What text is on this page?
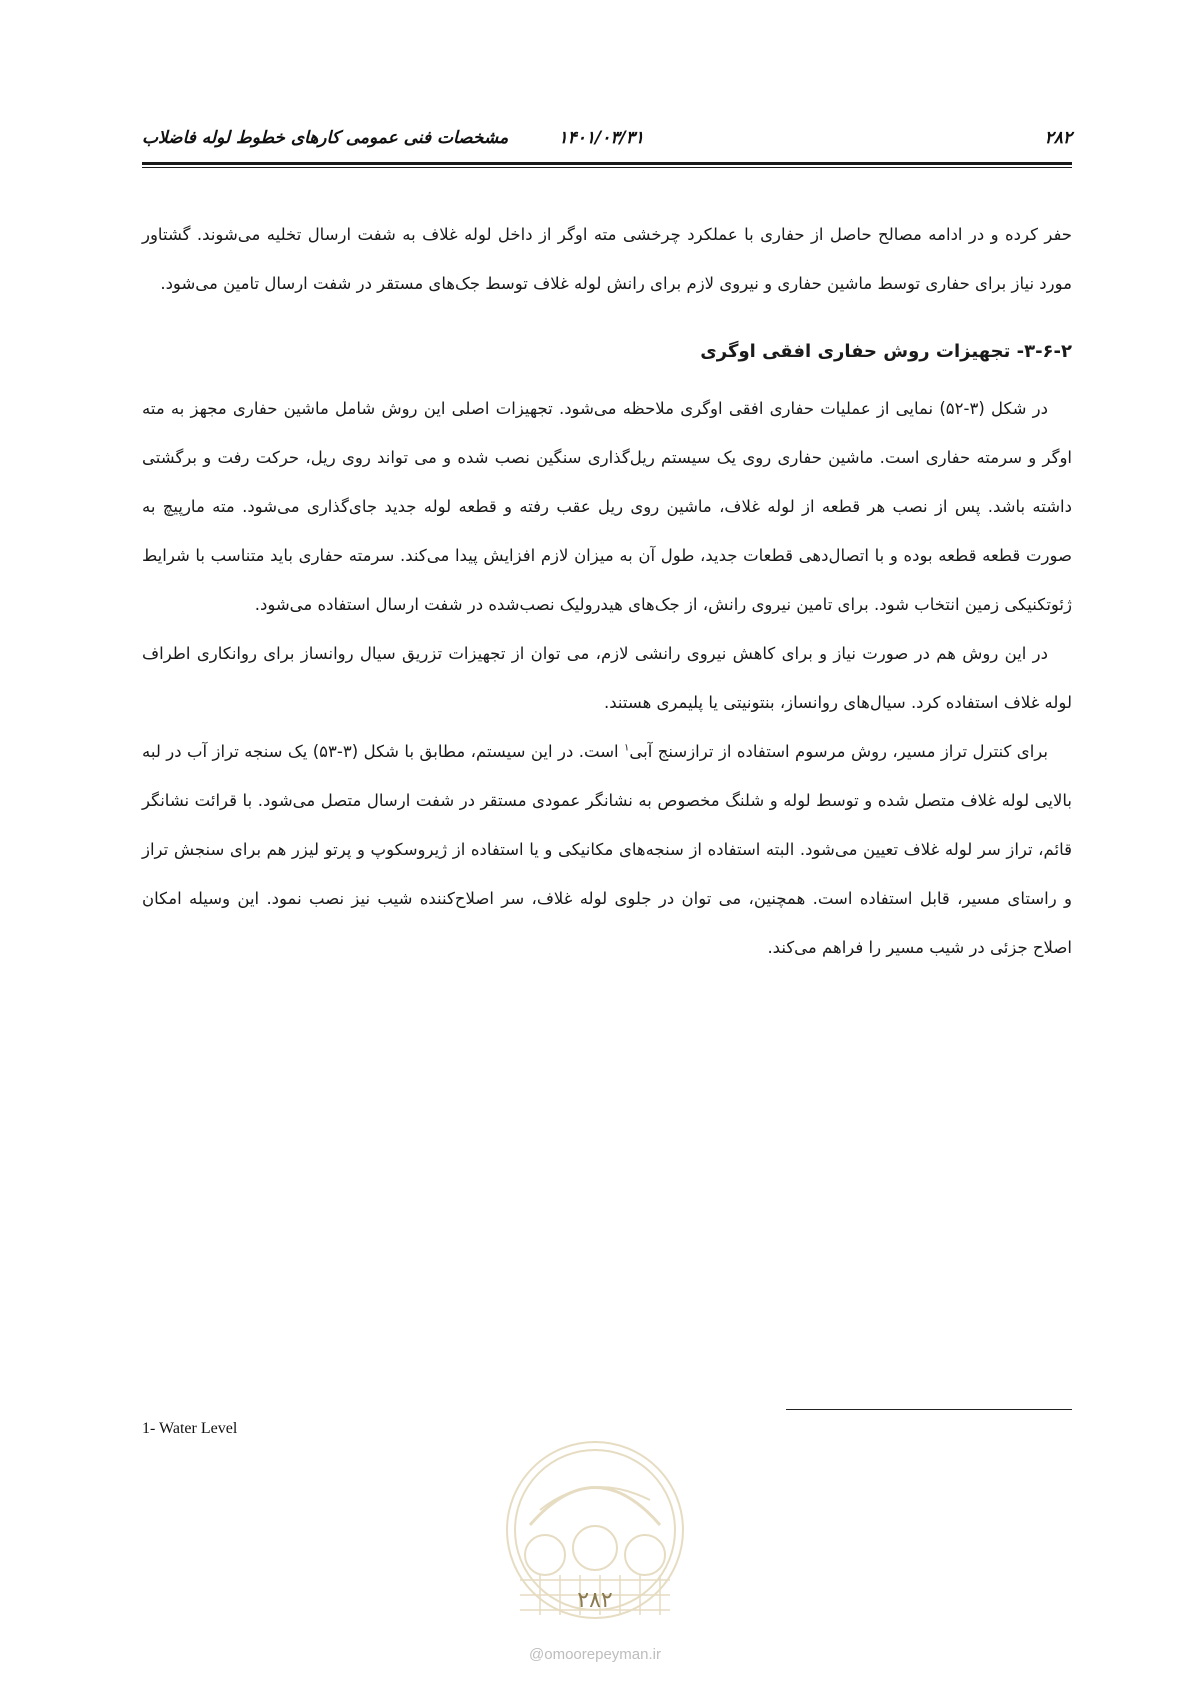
۲۸۲
۱۴۰۱/۰۳/۳۱
مشخصات فنی عمومی کارهای خطوط لوله فاضلاب

حفر کرده و در ادامه مصالح حاصل از حفاری با عملکرد چرخشی مته اوگر از داخل لوله غلاف به شفت ارسال تخلیه می‌شوند. گشتاور مورد نیاز برای حفاری توسط ماشین حفاری و نیروی لازم برای رانش لوله غلاف توسط جک‌های مستقر در شفت ارسال تامین می‌شود.

۳-۶-۲- تجهیزات روش حفاری افقی اوگری

در شکل (۳-۵۲) نمایی از عملیات حفاری افقی اوگری ملاحظه می‌شود. تجهیزات اصلی این روش شامل ماشین حفاری مجهز به مته اوگر و سرمته حفاری است. ماشین حفاری روی یک سیستم ریل‌گذاری سنگین نصب شده و می تواند روی ریل، حرکت رفت و برگشتی داشته باشد. پس از نصب هر قطعه از لوله غلاف، ماشین روی ریل عقب رفته و قطعه لوله جدید جای‌گذاری می‌شود. مته مارپیچ به صورت قطعه قطعه بوده و با اتصال‌دهی قطعات جدید، طول آن به میزان لازم افزایش پیدا می‌کند. سرمته حفاری باید متناسب با شرایط ژئوتکنیکی زمین انتخاب شود. برای تامین نیروی رانش، از جک‌های هیدرولیک نصب‌شده در شفت ارسال استفاده می‌شود.

در این روش هم در صورت نیاز و برای کاهش نیروی رانشی لازم، می توان از تجهیزات تزریق سیال روانساز برای روانکاری اطراف لوله غلاف استفاده کرد. سیال‌های روانساز، بنتونیتی یا پلیمری هستند.

برای کنترل تراز مسیر، روش مرسوم استفاده از ترازسنج آبی$^۱$ است. در این سیستم، مطابق با شکل (۳-۵۳) یک سنجه تراز آب در لبه بالایی لوله غلاف متصل شده و توسط لوله و شلنگ مخصوص به نشانگر عمودی مستقر در شفت ارسال متصل می‌شود. با قرائت نشانگر قائم، تراز سر لوله غلاف تعیین می‌شود. البته استفاده از سنجه‌های مکانیکی و یا استفاده از ژیروسکوپ و پرتو لیزر هم برای سنجش تراز و راستای مسیر، قابل استفاده است. همچنین، می توان در جلوی لوله غلاف، سر اصلاح‌کننده شیب نیز نصب نمود. این وسیله امکان اصلاح جزئی در شیب مسیر را فراهم می‌کند.

1- Water Level
۲۸۲
@omoorepeyman.ir
